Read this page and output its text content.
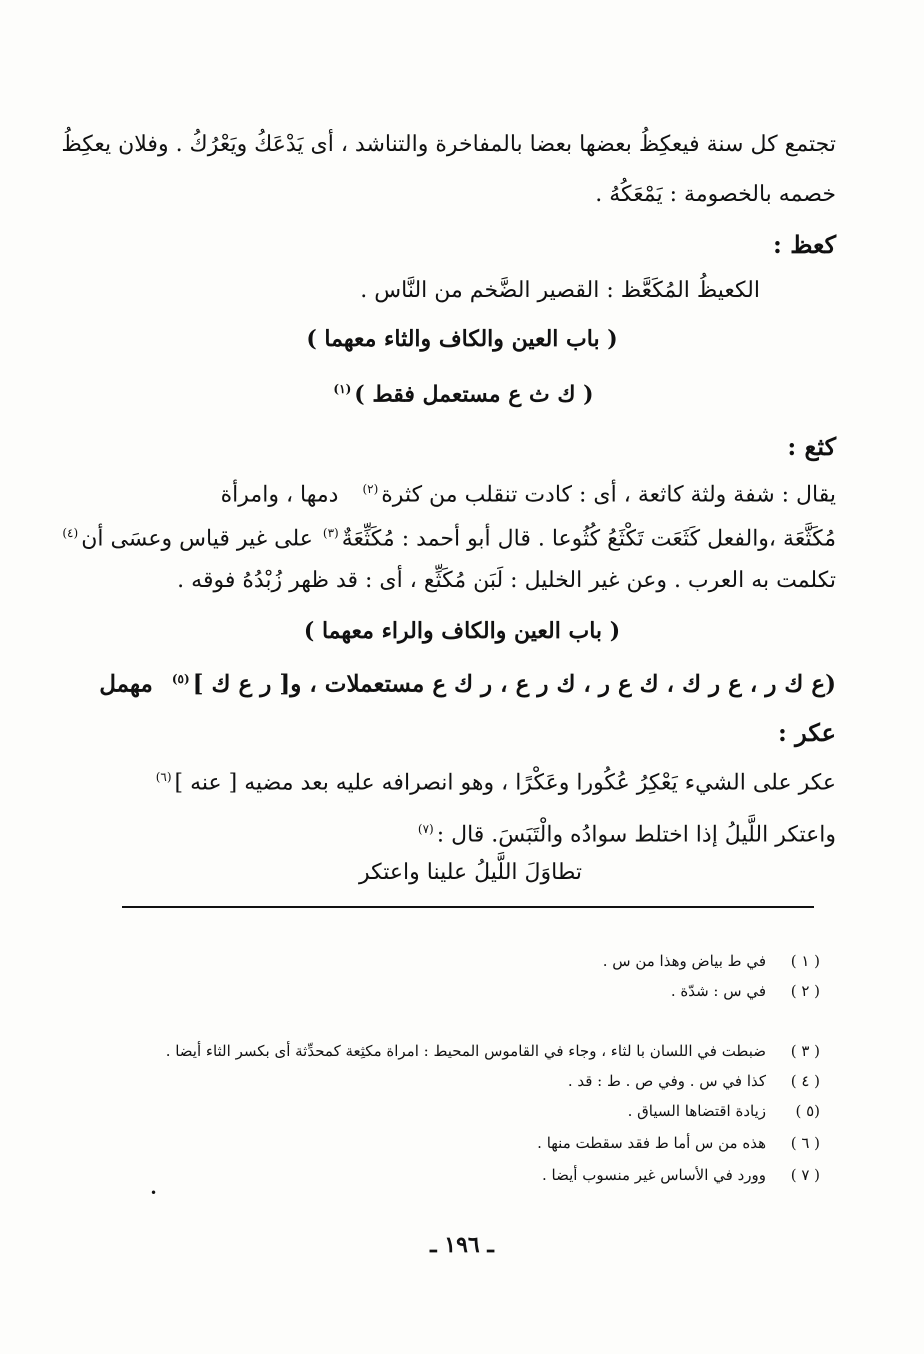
تجتمع كل سنة فيعكِظُ بعضها بعضا بالمفاخرة والتناشد ، أى يَدْعَكُ ويَعْرُكُ . وفلان يعكِظُ
خصمه بالخصومة : يَمْعَكُهُ .
كعظ :
الكعيظُ المُكَعَّظ : القصير الضَّخم من النَّاس .
( باب العين والكاف والثاء معهما )
( ك ث ع مستعمل فقط )$^{(١)}$
كثع :
يقال : شفة ولثة كاثعة ، أى : كادت تنقلب من كثرة$^{(٢)}$   دمها ، وامرأة
مُكَثَّعَة ،والفعل كَثَعَت تَكْثَعُ كُثُوعا . قال أبو أحمد : مُكَثِّعَةٌ$^{(٣)}$ على غير قياس وعسَى أن$^{(٤)}$
تكلمت به العرب . وعن غير الخليل : لَبَن مُكَثِّع ، أى : قد ظهر زُبْدُهُ فوقه .
( باب العين والكاف والراء معهما )
(ع ك ر ، ع ر ك ، ك ع ر ، ك ر ع ، ر ك ع مستعملات ، و[ ر ع ك ]$^{(٥)}$  مهمل
عكر :
عكر على الشيء يَعْكِرُ عُكُورا وعَكْرًا ، وهو انصرافه عليه بعد مضيه [ عنه ]$^{(٦)}$
واعتكر اللَّيلُ إذا اختلط سوادُه والْتَبَسَ. قال :$^{(٧)}$
تطاوَلَ اللَّيلُ علينا واعتكر
( ١ )في ط بياض وهذا من س .
( ٢ )في س : شدّة .
( ٣ )ضبطت في اللسان با لثاء ، وجاء في القاموس المحيط : امراة مكثِعة كمحدِّثة أى بكسر الثاء أيضا .
( ٤ )كذا في س . وفي ص . ط : قد .
(٥ )زيادة اقتضاها السياق .
( ٦ )هذه من س أما ط فقد سقطت منها .
( ٧ )وورد في الأساس غير منسوب أيضا .
•
ـ ١٩٦ ـ
